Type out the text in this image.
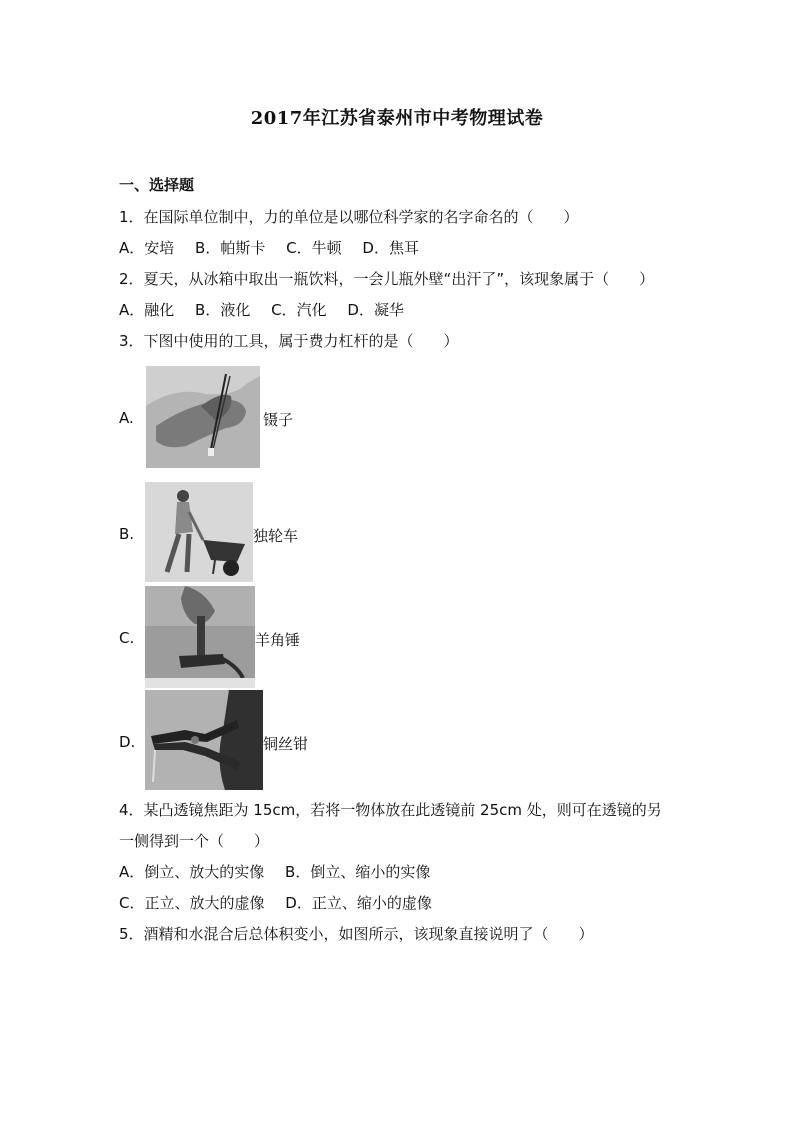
2017年江苏省泰州市中考物理试卷
一、选择题
1．在国际单位制中，力的单位是以哪位科学家的名字命名的（　　）
A．安培 B．帕斯卡 C．牛顿 D．焦耳
2．夏天，从冰箱中取出一瓶饮料，一会儿瓶外壁“出汗了”，该现象属于（　　）
A．融化 B．液化 C．汽化 D．凝华
3．下图中使用的工具，属于费力杠杆的是（　　）
A.	镊子
B.	独轮车
C.	羊角锤
D.	铜丝钳
4．某凸透镜焦距为 15cm，若将一物体放在此透镜前 25cm 处，则可在透镜的另
一侧得到一个（　　）
A．倒立、放大的实像 B．倒立、缩小的实像
C．正立、放大的虚像 D．正立、缩小的虚像
5．酒精和水混合后总体积变小，如图所示，该现象直接说明了（　　）
